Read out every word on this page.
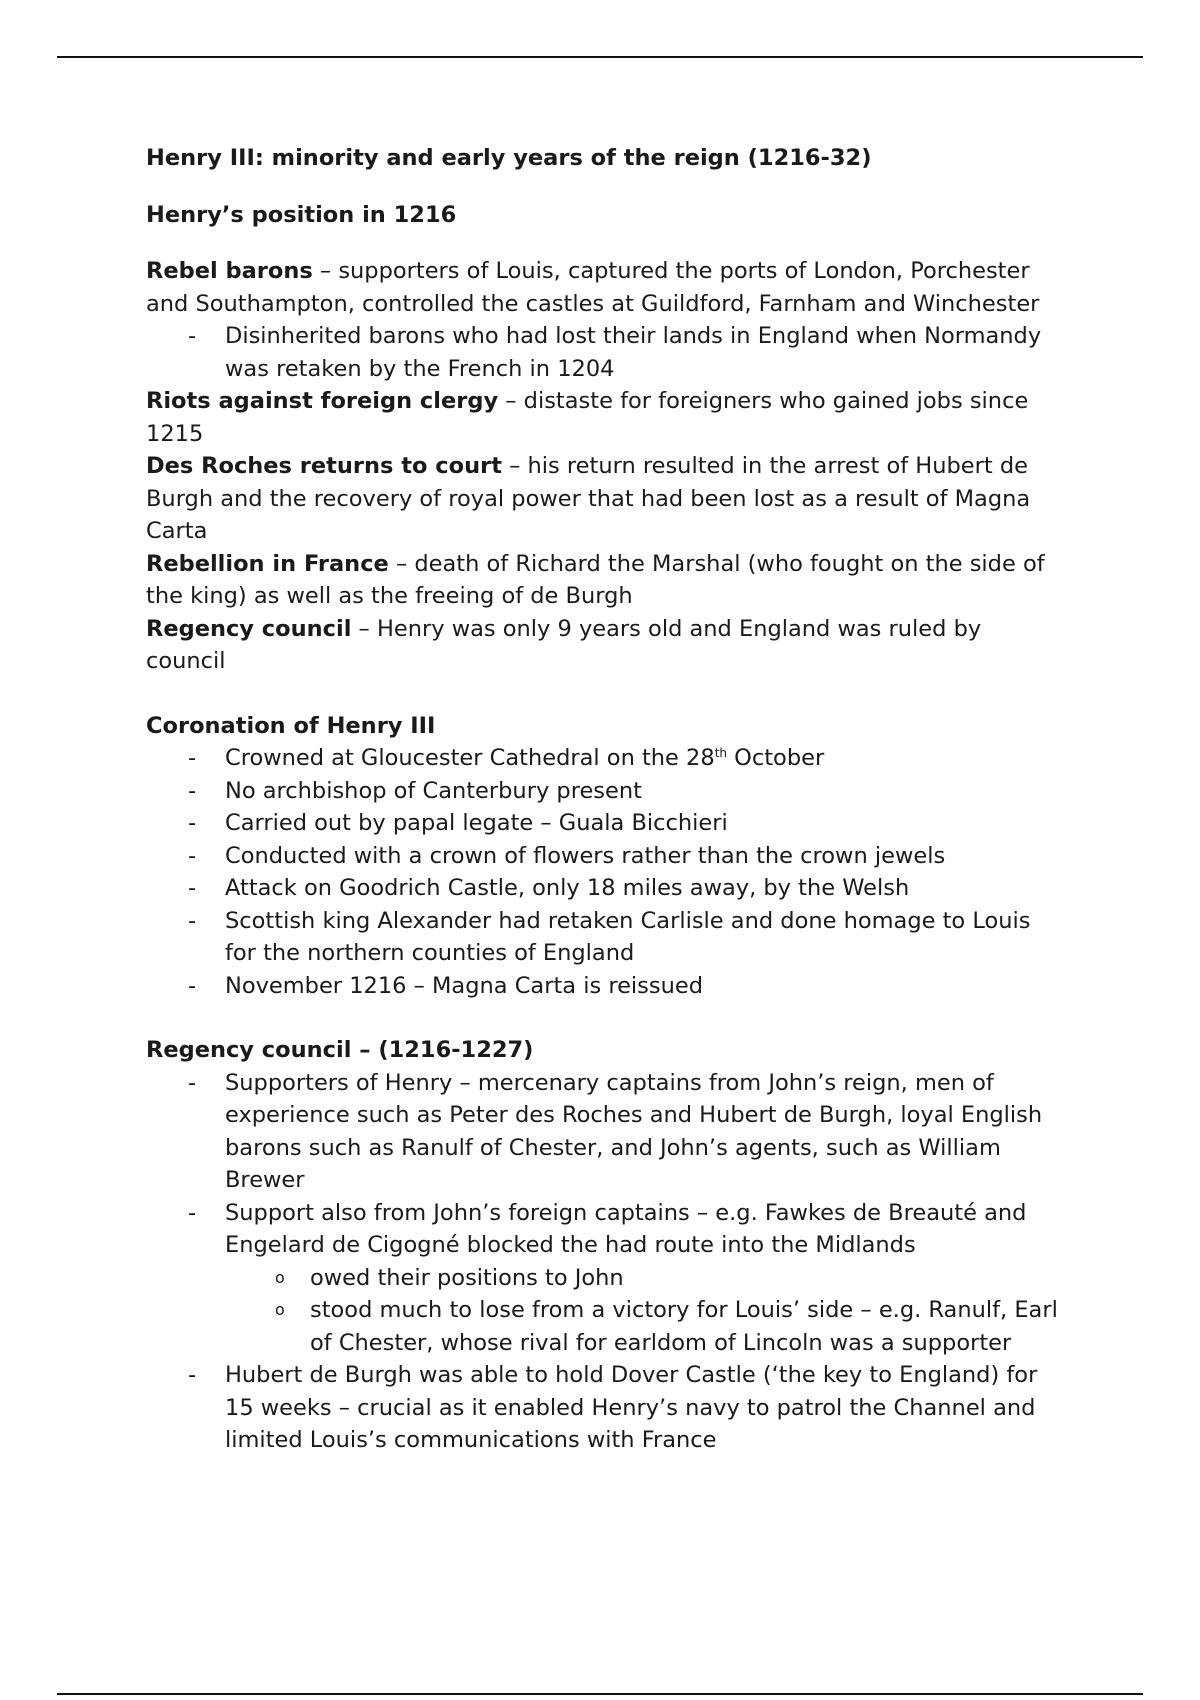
Henry III: minority and early years of the reign (1216-32)

Henry’s position in 1216

Rebel barons – supporters of Louis, captured the ports of London, Porchester and Southampton, controlled the castles at Guildford, Farnham and Winchester

- Disinherited barons who had lost their lands in England when Normandy was retaken by the French in 1204

Riots against foreign clergy – distaste for foreigners who gained jobs since 1215

Des Roches returns to court – his return resulted in the arrest of Hubert de Burgh and the recovery of royal power that had been lost as a result of Magna Carta

Rebellion in France – death of Richard the Marshal (who fought on the side of the king) as well as the freeing of de Burgh

Regency council – Henry was only 9 years old and England was ruled by council

Coronation of Henry III

- Crowned at Gloucester Cathedral on the 28th October
- No archbishop of Canterbury present
- Carried out by papal legate – Guala Bicchieri
- Conducted with a crown of flowers rather than the crown jewels
- Attack on Goodrich Castle, only 18 miles away, by the Welsh
- Scottish king Alexander had retaken Carlisle and done homage to Louis for the northern counties of England
- November 1216 – Magna Carta is reissued

Regency council – (1216-1227)

- Supporters of Henry – mercenary captains from John’s reign, men of experience such as Peter des Roches and Hubert de Burgh, loyal English barons such as Ranulf of Chester, and John’s agents, such as William Brewer
- Support also from John’s foreign captains – e.g. Fawkes de Breauté and Engelard de Cigogné blocked the had route into the Midlands
o owed their positions to John
o stood much to lose from a victory for Louis’ side – e.g. Ranulf, Earl of Chester, whose rival for earldom of Lincoln was a supporter
- Hubert de Burgh was able to hold Dover Castle (‘the key to England) for 15 weeks – crucial as it enabled Henry’s navy to patrol the Channel and limited Louis’s communications with France
